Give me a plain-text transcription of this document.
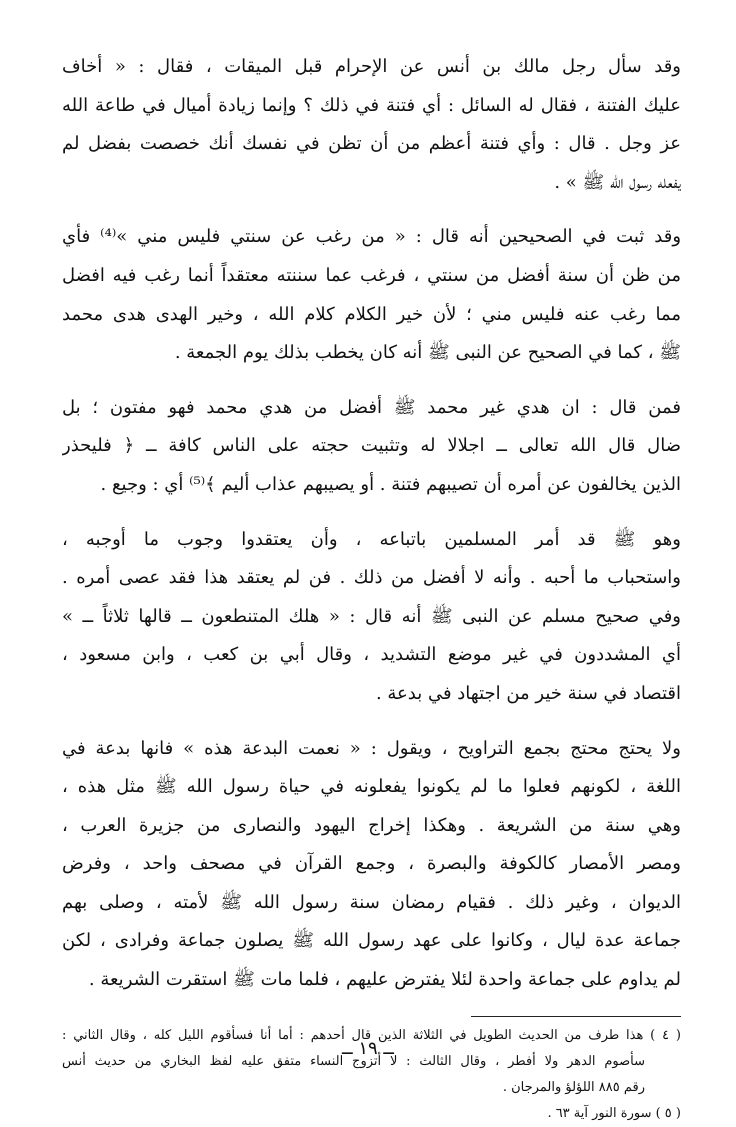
وقد سأل رجل مالك بن أنس عن الإحرام قبل الميقات ، فقال : « أخاف
عليك الفتنة ، فقال له السائل : أي فتنة في ذلك ؟ وإنما زيادة أميال في طاعة الله
عز وجل . قال : وأي فتنة أعظم من أن تظن في نفسك أنك خصصت بفضل لم
يفعله رسول الله ﷺ » .
وقد ثبت في الصحيحين أنه قال : « من رغب عن سنتي فليس مني »⁽⁴⁾ فأي
من ظن أن سنة أفضل من سنتي ، فرغب عما سننته معتقداً أنما رغب فيه افضل
مما رغب عنه فليس مني ؛ لأن خير الكلام كلام الله ، وخير الهدى هدى محمد
ﷺ ، كما في الصحيح عن النبى ﷺ أنه كان يخطب بذلك يوم الجمعة .
فمن قال : ان هدي غير محمد ﷺ أفضل من هدي محمد فهو مفتون ؛ بل
ضال قال الله تعالى ــ اجلالا له وتثبيت حجته على الناس كافة ــ ﴿ فليحذر
الذين يخالفون عن أمره أن تصيبهم فتنة . أو يصيبهم عذاب أليم ﴾⁽⁵⁾ أي : وجيع .
وهو ﷺ قد أمر المسلمين باتباعه ، وأن يعتقدوا وجوب ما أوجبه ،
واستحباب ما أحبه . وأنه لا أفضل من ذلك . فن لم يعتقد هذا فقد عصى أمره .
وفي صحيح مسلم عن النبى ﷺ أنه قال : « هلك المتنطعون ــ قالها ثلاثاً ــ »
أي المشددون في غير موضع التشديد ، وقال أبي بن كعب ، وابن مسعود ،
اقتصاد في سنة خير من اجتهاد في بدعة .
ولا يحتج محتج بجمع التراويح ، ويقول : « نعمت البدعة هذه » فانها بدعة في
اللغة ، لكونهم فعلوا ما لم يكونوا يفعلونه في حياة رسول الله ﷺ مثل هذه ،
وهي سنة من الشريعة . وهكذا إخراج اليهود والنصارى من جزيرة العرب ،
ومصر الأمصار كالكوفة والبصرة ، وجمع القرآن في مصحف واحد ، وفرض
الديوان ، وغير ذلك . فقيام رمضان سنة رسول الله ﷺ لأمته ، وصلى بهم
جماعة عدة ليال ، وكانوا على عهد رسول الله ﷺ يصلون جماعة وفرادى ، لكن
لم يداوم على جماعة واحدة لئلا يفترض عليهم ، فلما مات ﷺ استقرت الشريعة .
( ٤ ) هذا طرف من الحديث الطويل في الثلاثة الذين قال أحدهم : أما أنا فسأقوم الليل كله ، وقال الثاني :
سأصوم الدهر ولا أفطر ، وقال الثالث : لا أتزوج النساء متفق عليه لفظ البخاري من حديث أنس
رقم ٨٨٥ اللؤلؤ والمرجان .
( ٥ ) سورة النور آية ٦٣ .
ــ ١٩ ــ
